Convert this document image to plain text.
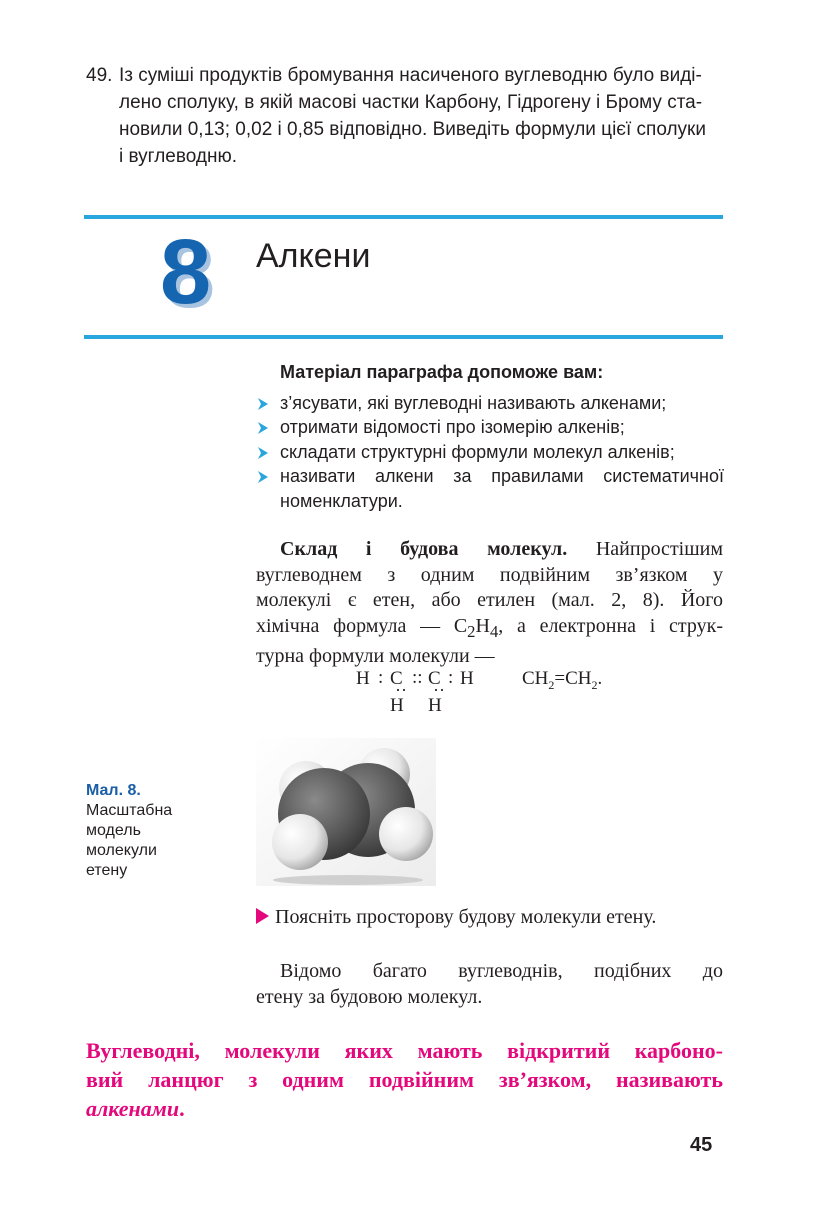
49. Із суміші продуктів бромування насиченого вуглеводню було виді-
лено сполуку, в якій масові частки Карбону, Гідрогену і Брому ста-
новили 0,13; 0,02 і 0,85 відповідно. Виведіть формули цієї сполуки
і вуглеводню.
8 Алкени
Матеріал параграфа допоможе вам:
з’ясувати, які вуглеводні називають алкенами;
отримати відомості про ізомерію алкенів;
складати структурні формули молекул алкенів;
називати алкени за правилами систематичної номенклатури.
Склад і будова молекул. Найпростішим
вуглеводнем з одним подвійним зв’язком у
молекулі є етен, або етилен (мал. 2, 8). Його
хімічна формула — $C_2H_4$, а електронна і струк-
турна формули молекули —
H : C :: C : H
·· ··
H H
$CH_2=CH_2$.
Мал. 8.
Масштабна
модель
молекули
етену
Поясніть просторову будову молекули етену.
Відомо багато вуглеводнів, подібних до
етену за будовою молекул.
Вуглеводні, молекули яких мають відкритий карбоно-
вий ланцюг з одним подвійним зв’язком, називають
алкенами.
45
